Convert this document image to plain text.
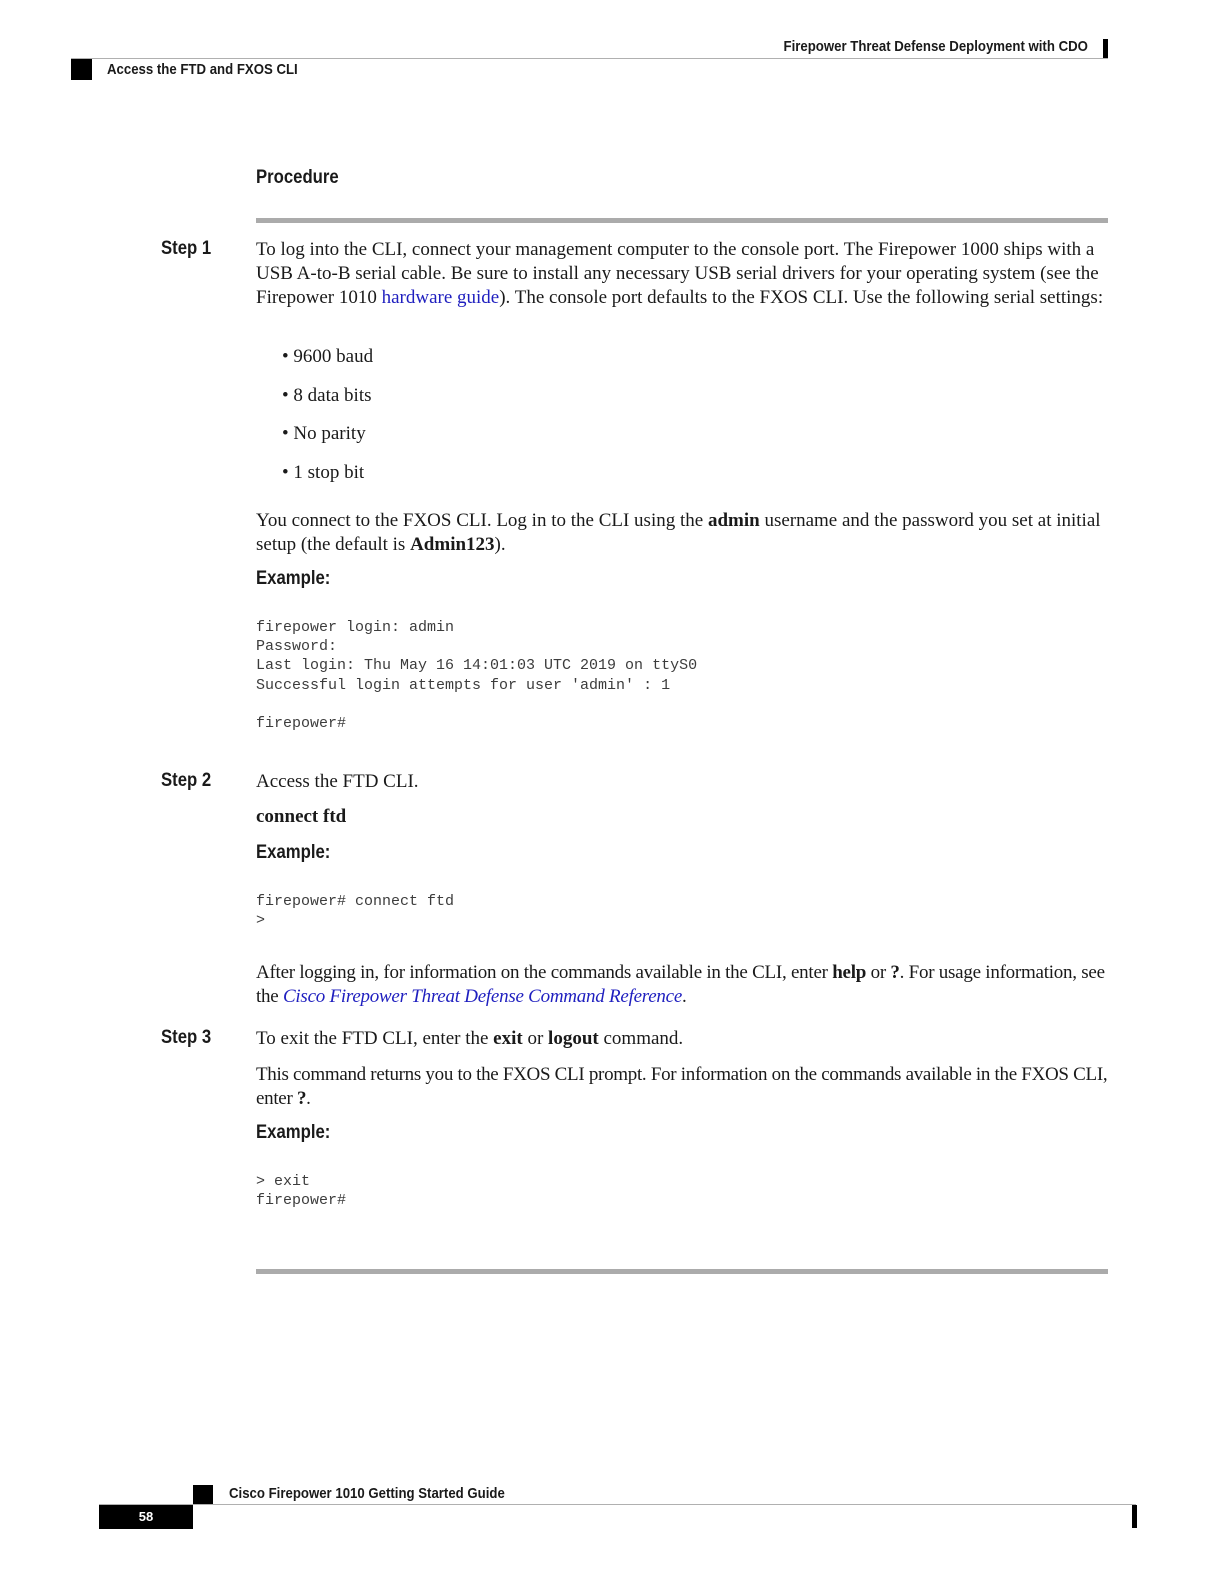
Firepower Threat Defense Deployment with CDO
Access the FTD and FXOS CLI
Procedure
Step 1 To log into the CLI, connect your management computer to the console port. The Firepower 1000 ships with a USB A-to-B serial cable. Be sure to install any necessary USB serial drivers for your operating system (see the Firepower 1010 hardware guide). The console port defaults to the FXOS CLI. Use the following serial settings:
• 9600 baud
• 8 data bits
• No parity
• 1 stop bit
You connect to the FXOS CLI. Log in to the CLI using the admin username and the password you set at initial setup (the default is Admin123).
Example:
firepower login: admin
Password:
Last login: Thu May 16 14:01:03 UTC 2019 on ttyS0
Successful login attempts for user 'admin' : 1

firepower#
Step 2 Access the FTD CLI.
connect ftd
Example:
firepower# connect ftd
>
After logging in, for information on the commands available in the CLI, enter help or ?. For usage information, see the Cisco Firepower Threat Defense Command Reference.
Step 3 To exit the FTD CLI, enter the exit or logout command.
This command returns you to the FXOS CLI prompt. For information on the commands available in the FXOS CLI, enter ?.
Example:
> exit
firepower#
Cisco Firepower 1010 Getting Started Guide
58
